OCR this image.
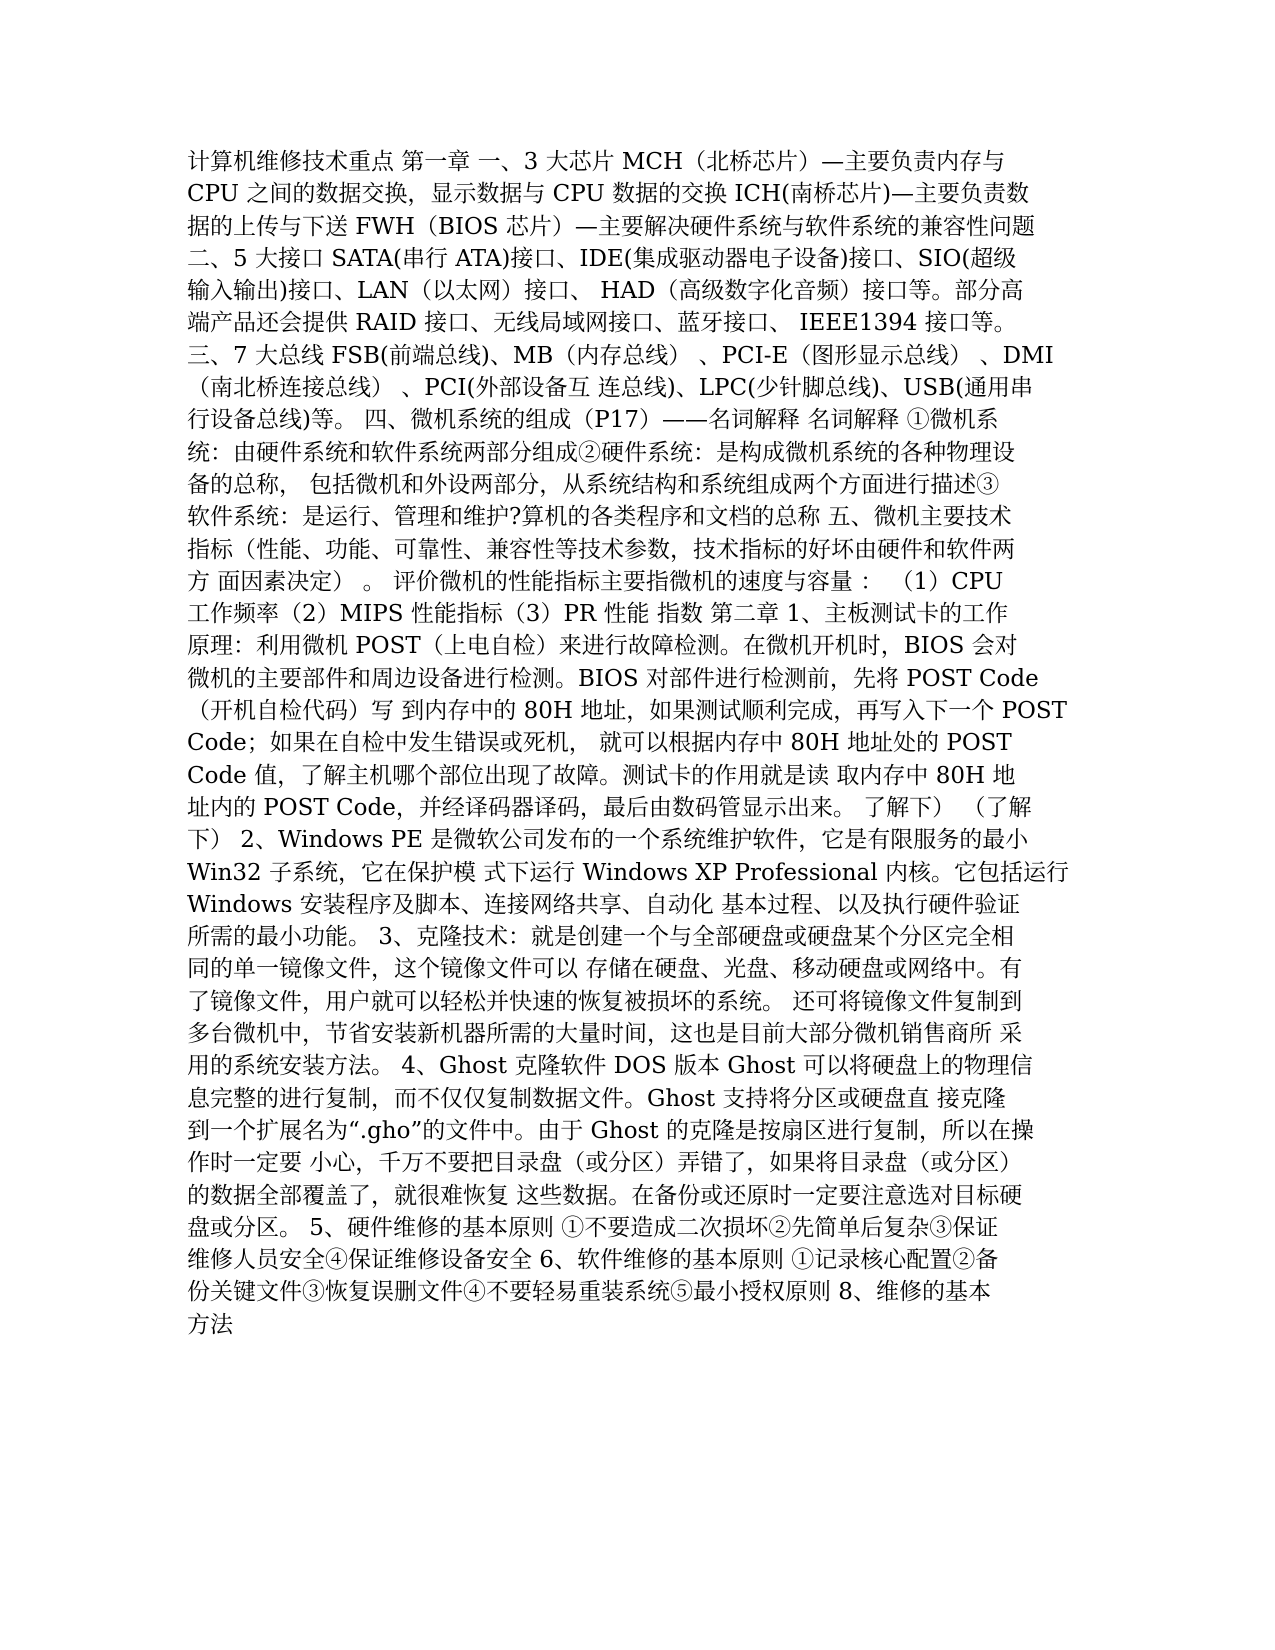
计算机维修技术重点 第一章 一、3 大芯片 MCH（北桥芯片）—主要负责内存与
CPU 之间的数据交换，显示数据与 CPU 数据的交换 ICH(南桥芯片)—主要负责数
据的上传与下送 FWH（BIOS 芯片）—主要解决硬件系统与软件系统的兼容性问题
二、5 大接口 SATA(串行 ATA)接口、IDE(集成驱动器电子设备)接口、SIO(超级
输入输出)接口、LAN（以太网）接口、 HAD（高级数字化音频）接口等。部分高
端产品还会提供 RAID 接口、无线局域网接口、蓝牙接口、 IEEE1394 接口等。
三、7 大总线 FSB(前端总线)、MB（内存总线） 、PCI-E（图形显示总线） 、DMI
（南北桥连接总线） 、PCI(外部设备互 连总线)、LPC(少针脚总线)、USB(通用串
行设备总线)等。 四、微机系统的组成（P17）——名词解释 名词解释 ①微机系
统：由硬件系统和软件系统两部分组成②硬件系统：是构成微机系统的各种物理设
备的总称， 包括微机和外设两部分，从系统结构和系统组成两个方面进行描述③
软件系统：是运行、管理和维护?算机的各类程序和文档的总称 五、微机主要技术
指标（性能、功能、可靠性、兼容性等技术参数，技术指标的好坏由硬件和软件两
方 面因素决定） 。 评价微机的性能指标主要指微机的速度与容量 ： （1）CPU
工作频率（2）MIPS 性能指标（3）PR 性能 指数 第二章 1、主板测试卡的工作
原理：利用微机 POST（上电自检）来进行故障检测。在微机开机时，BIOS 会对
微机的主要部件和周边设备进行检测。BIOS 对部件进行检测前，先将 POST Code
（开机自检代码）写 到内存中的 80H 地址，如果测试顺利完成，再写入下一个 POST
Code；如果在自检中发生错误或死机， 就可以根据内存中 80H 地址处的 POST
Code 值，了解主机哪个部位出现了故障。测试卡的作用就是读 取内存中 80H 地
址内的 POST Code，并经译码器译码，最后由数码管显示出来。 了解下） （了解
下） 2、Windows PE 是微软公司发布的一个系统维护软件，它是有限服务的最小
Win32 子系统，它在保护模 式下运行 Windows XP Professional 内核。它包括运行
Windows 安装程序及脚本、连接网络共享、自动化 基本过程、以及执行硬件验证
所需的最小功能。 3、克隆技术：就是创建一个与全部硬盘或硬盘某个分区完全相
同的单一镜像文件，这个镜像文件可以 存储在硬盘、光盘、移动硬盘或网络中。有
了镜像文件，用户就可以轻松并快速的恢复被损坏的系统。 还可将镜像文件复制到
多台微机中，节省安装新机器所需的大量时间，这也是目前大部分微机销售商所 采
用的系统安装方法。 4、Ghost 克隆软件 DOS 版本 Ghost 可以将硬盘上的物理信
息完整的进行复制，而不仅仅复制数据文件。Ghost 支持将分区或硬盘直 接克隆
到一个扩展名为“.gho”的文件中。由于 Ghost 的克隆是按扇区进行复制，所以在操
作时一定要 小心，千万不要把目录盘（或分区）弄错了，如果将目录盘（或分区）
的数据全部覆盖了，就很难恢复 这些数据。在备份或还原时一定要注意选对目标硬
盘或分区。 5、硬件维修的基本原则 ①不要造成二次损坏②先简单后复杂③保证
维修人员安全④保证维修设备安全 6、软件维修的基本原则 ①记录核心配置②备
份关键文件③恢复误删文件④不要轻易重装系统⑤最小授权原则 8、维修的基本
方法
